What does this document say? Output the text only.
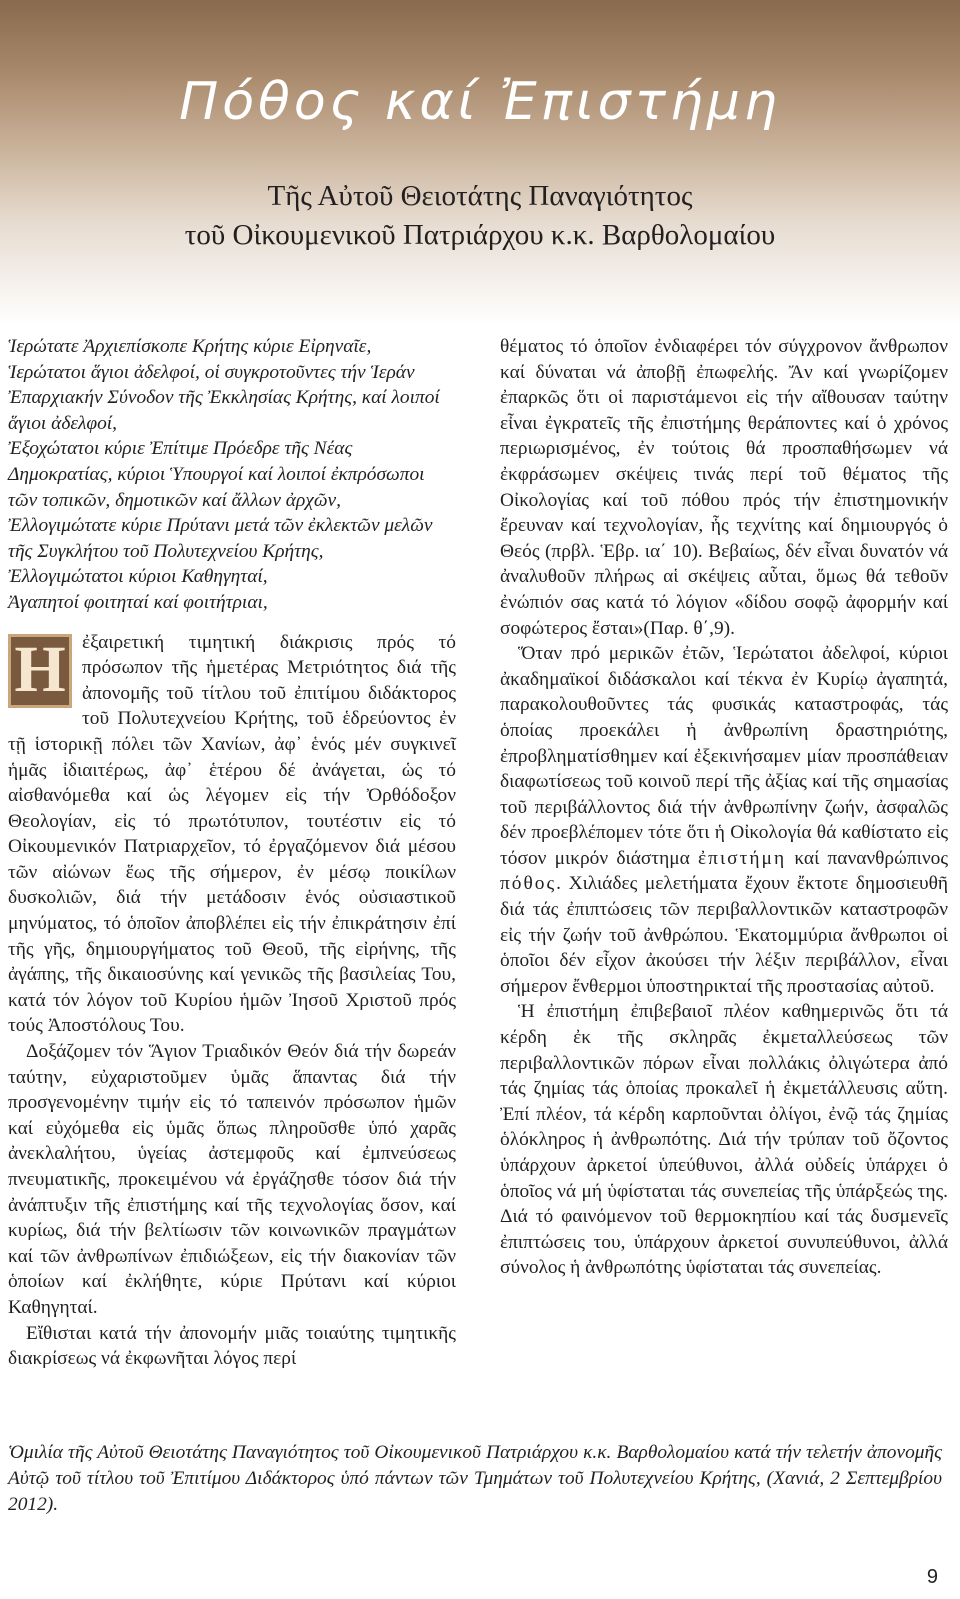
Πόθος καί Ἐπιστήμη
Τῆς Αὐτοῦ Θειοτάτης Παναγιότητος
τοῦ Οἰκουμενικοῦ Πατριάρχου κ.κ. Βαρθολομαίου

Ἱερώτατε Ἀρχιεπίσκοπε Κρήτης κύριε Εἰρηναῖε,

Ἱερώτατοι ἅγιοι ἀδελφοί, οἱ συγκροτοῦντες τήν Ἱεράν Ἐπαρχιακήν Σύνοδον τῆς Ἐκκλησίας Κρήτης, καί λοιποί ἅγιοι ἀδελφοί,

Ἐξοχώτατοι κύριε Ἐπίτιμε Πρόεδρε τῆς Νέας Δημοκρατίας, κύριοι Ὑπουργοί καί λοιποί ἐκπρόσωποι τῶν τοπικῶν, δημοτικῶν καί ἄλλων ἀρχῶν,

Ἐλλογιμώτατε κύριε Πρύτανι μετά τῶν ἐκλεκτῶν μελῶν τῆς Συγκλήτου τοῦ Πολυτεχνείου Κρήτης,

Ἐλλογιμώτατοι κύριοι Καθηγηταί,

Ἀγαπητοί φοιτηταί καί φοιτήτριαι,

Η ἐξαιρετική τιμητική διάκρισις πρός τό πρόσωπον τῆς ἡμετέρας Μετριότητος διά τῆς ἀπονομῆς τοῦ τίτλου τοῦ ἐπιτίμου διδάκτορος τοῦ Πολυτεχνείου Κρήτης, τοῦ ἑδρεύοντος ἐν τῇ ἱστορικῇ πόλει τῶν Χανίων, ἀφ᾽ ἑνός μέν συγκινεῖ ἡμᾶς ἰδιαιτέρως, ἀφ᾽ ἑτέρου δέ ἀνάγεται, ὡς τό αἰσθανόμεθα καί ὡς λέγομεν εἰς τήν Ὀρθόδοξον Θεολογίαν, εἰς τό πρωτότυπον, τουτέστιν εἰς τό Οἰκουμενικόν Πατριαρχεῖον, τό ἐργαζόμενον διά μέσου τῶν αἰώνων ἕως τῆς σήμερον, ἐν μέσῳ ποικίλων δυσκολιῶν, διά τήν μετάδοσιν ἑνός οὐσιαστικοῦ μηνύματος, τό ὁποῖον ἀποβλέπει εἰς τήν ἐπικράτησιν ἐπί τῆς γῆς, δημιουργήματος τοῦ Θεοῦ, τῆς εἰρήνης, τῆς ἀγάπης, τῆς δικαιοσύνης καί γενικῶς τῆς βασιλείας Του, κατά τόν λόγον τοῦ Κυρίου ἡμῶν Ἰησοῦ Χριστοῦ πρός τούς Ἀποστόλους Του.

Δοξάζομεν τόν Ἅγιον Τριαδικόν Θεόν διά τήν δωρεάν ταύτην, εὐχαριστοῦμεν ὑμᾶς ἅπαντας διά τήν προσγενομένην τιμήν εἰς τό ταπεινόν πρόσωπον ἡμῶν καί εὐχόμεθα εἰς ὑμᾶς ὅπως πληροῦσθε ὑπό χαρᾶς ἀνεκλαλήτου, ὑγείας ἀστεμφοῦς καί ἐμπνεύσεως πνευματικῆς, προκειμένου νά ἐργάζησθε τόσον διά τήν ἀνάπτυξιν τῆς ἐπιστήμης καί τῆς τεχνολογίας ὅσον, καί κυρίως, διά τήν βελτίωσιν τῶν κοινωνικῶν πραγμάτων καί τῶν ἀνθρωπίνων ἐπιδιώξεων, εἰς τήν διακονίαν τῶν ὁποίων καί ἐκλήθητε, κύριε Πρύτανι καί κύριοι Καθηγηταί.

Εἴθισται κατά τήν ἀπονομήν μιᾶς τοιαύτης τιμητικῆς διακρίσεως νά ἐκφωνῆται λόγος περί

θέματος τό ὁποῖον ἐνδιαφέρει τόν σύγχρονον ἄνθρωπον καί δύναται νά ἀποβῇ ἐπωφελής. Ἄν καί γνωρίζομεν ἐπαρκῶς ὅτι οἱ παριστάμενοι εἰς τήν αἴθουσαν ταύτην εἶναι ἐγκρατεῖς τῆς ἐπιστήμης θεράποντες καί ὁ χρόνος περιωρισμένος, ἐν τούτοις θά προσπαθήσωμεν νά ἐκφράσωμεν σκέψεις τινάς περί τοῦ θέματος τῆς Οἰκολογίας καί τοῦ πόθου πρός τήν ἐπιστημονικήν ἔρευναν καί τεχνολογίαν, ἧς τεχνίτης καί δημιουργός ὁ Θεός (πρβλ. Ἑβρ. ια΄ 10). Βεβαίως, δέν εἶναι δυνατόν νά ἀναλυθοῦν πλήρως αἱ σκέψεις αὗται, ὅμως θά τεθοῦν ἐνώπιόν σας κατά τό λόγιον «δίδου σοφῷ ἀφορμήν καί σοφώτερος ἔσται»(Παρ. θ΄,9).

Ὅταν πρό μερικῶν ἐτῶν, Ἱερώτατοι ἀδελφοί, κύριοι ἀκαδημαϊκοί διδάσκαλοι καί τέκνα ἐν Κυρίῳ ἀγαπητά, παρακολουθοῦντες τάς φυσικάς καταστροφάς, τάς ὁποίας προεκάλει ἡ ἀνθρωπίνη δραστηριότης, ἐπροβληματίσθημεν καί ἐξεκινήσαμεν μίαν προσπάθειαν διαφωτίσεως τοῦ κοινοῦ περί τῆς ἀξίας καί τῆς σημασίας τοῦ περιβάλλοντος διά τήν ἀνθρωπίνην ζωήν, ἀσφαλῶς δέν προεβλέπομεν τότε ὅτι ἡ Οἰκολογία θά καθίστατο εἰς τόσον μικρόν διάστημα ἐπιστήμη καί πανανθρώπινος πόθος. Χιλιάδες μελετήματα ἔχουν ἔκτοτε δημοσιευθῆ διά τάς ἐπιπτώσεις τῶν περιβαλλοντικῶν καταστροφῶν εἰς τήν ζωήν τοῦ ἀνθρώπου. Ἑκατομμύρια ἄνθρωποι οἱ ὁποῖοι δέν εἶχον ἀκούσει τήν λέξιν περιβάλλον, εἶναι σήμερον ἔνθερμοι ὑποστηρικταί τῆς προστασίας αὐτοῦ.

Ἡ ἐπιστήμη ἐπιβεβαιοῖ πλέον καθημερινῶς ὅτι τά κέρδη ἐκ τῆς σκληρᾶς ἐκμεταλλεύσεως τῶν περιβαλλοντικῶν πόρων εἶναι πολλάκις ὀλιγώτερα ἀπό τάς ζημίας τάς ὁποίας προκαλεῖ ἡ ἐκμετάλλευσις αὕτη. Ἐπί πλέον, τά κέρδη καρποῦνται ὀλίγοι, ἐνῷ τάς ζημίας ὁλόκληρος ἡ ἀνθρωπότης. Διά τήν τρύπαν τοῦ ὄζοντος ὑπάρχουν ἀρκετοί ὑπεύθυνοι, ἀλλά οὐδείς ὑπάρχει ὁ ὁποῖος νά μή ὑφίσταται τάς συνεπείας τῆς ὑπάρξεώς της. Διά τό φαινόμενον τοῦ θερμοκηπίου καί τάς δυσμενεῖς ἐπιπτώσεις του, ὑπάρχουν ἀρκετοί συνυπεύθυνοι, ἀλλά σύνολος ἡ ἀνθρωπότης ὑφίσταται τάς συνεπείας.

Ὁμιλία τῆς Αὐτοῦ Θειοτάτης Παναγιότητος τοῦ Οἰκουμενικοῦ Πατριάρχου κ.κ. Βαρθολομαίου κατά τήν τελετήν ἀπονομῆς Αὐτῷ τοῦ τίτλου τοῦ Ἐπιτίμου Διδάκτορος ὑπό πάντων τῶν Τμημάτων τοῦ Πολυτεχνείου Κρήτης, (Χανιά, 2 Σεπτεμβρίου 2012).
9
